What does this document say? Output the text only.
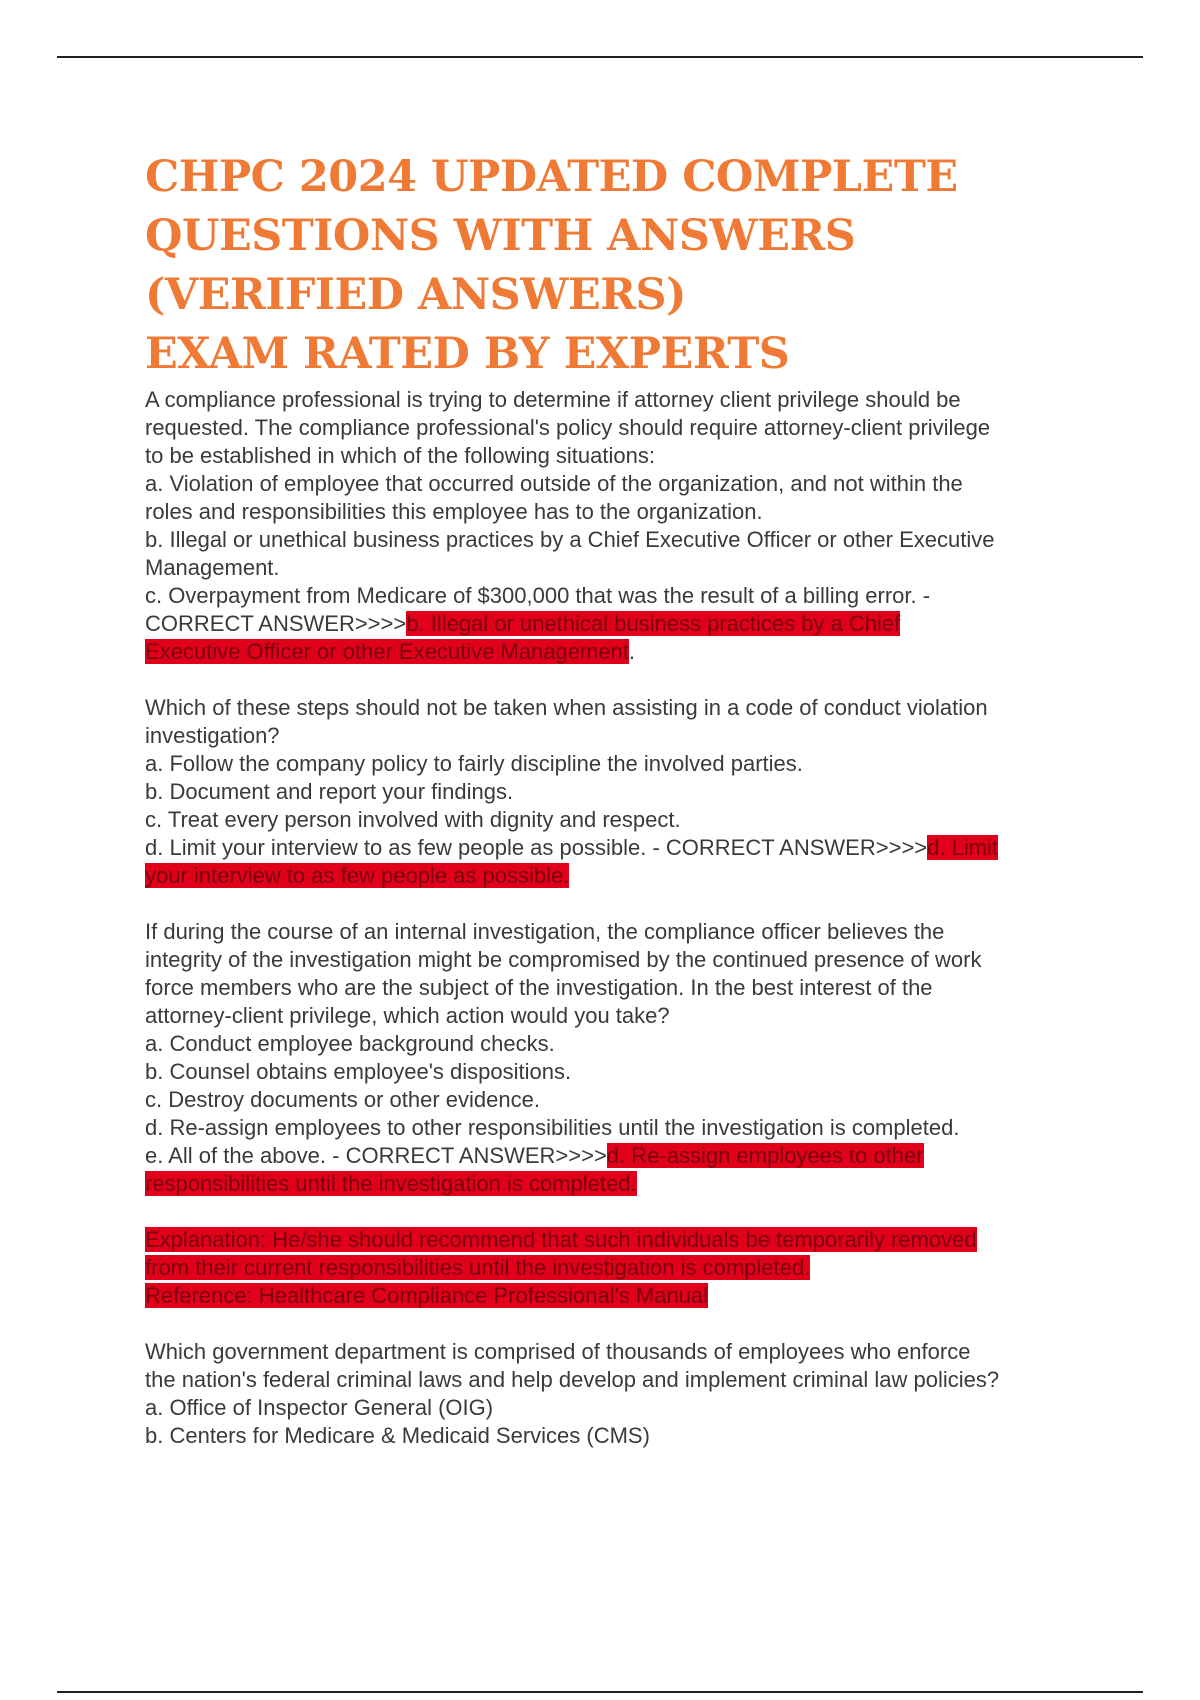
CHPC 2024 UPDATED COMPLETE
QUESTIONS WITH ANSWERS
(VERIFIED ANSWERS)
EXAM RATED BY EXPERTS
A compliance professional is trying to determine if attorney client privilege should be
requested. The compliance professional's policy should require attorney-client privilege
to be established in which of the following situations:
a. Violation of employee that occurred outside of the organization, and not within the
roles and responsibilities this employee has to the organization.
b. Illegal or unethical business practices by a Chief Executive Officer or other Executive
Management.
c. Overpayment from Medicare of $300,000 that was the result of a billing error. -
CORRECT ANSWER>>>>b. Illegal or unethical business practices by a Chief
Executive Officer or other Executive Management.
Which of these steps should not be taken when assisting in a code of conduct violation
investigation?
a. Follow the company policy to fairly discipline the involved parties.
b. Document and report your findings.
c. Treat every person involved with dignity and respect.
d. Limit your interview to as few people as possible. - CORRECT ANSWER>>>>d. Limit
your interview to as few people as possible.
If during the course of an internal investigation, the compliance officer believes the
integrity of the investigation might be compromised by the continued presence of work
force members who are the subject of the investigation. In the best interest of the
attorney-client privilege, which action would you take?
a. Conduct employee background checks.
b. Counsel obtains employee's dispositions.
c. Destroy documents or other evidence.
d. Re-assign employees to other responsibilities until the investigation is completed.
e. All of the above. - CORRECT ANSWER>>>>d. Re-assign employees to other
responsibilities until the investigation is completed.
Explanation: He/she should recommend that such individuals be temporarily removed
from their current responsibilities until the investigation is completed.
Reference: Healthcare Compliance Professional's Manual
Which government department is comprised of thousands of employees who enforce
the nation's federal criminal laws and help develop and implement criminal law policies?
a. Office of Inspector General (OIG)
b. Centers for Medicare & Medicaid Services (CMS)
